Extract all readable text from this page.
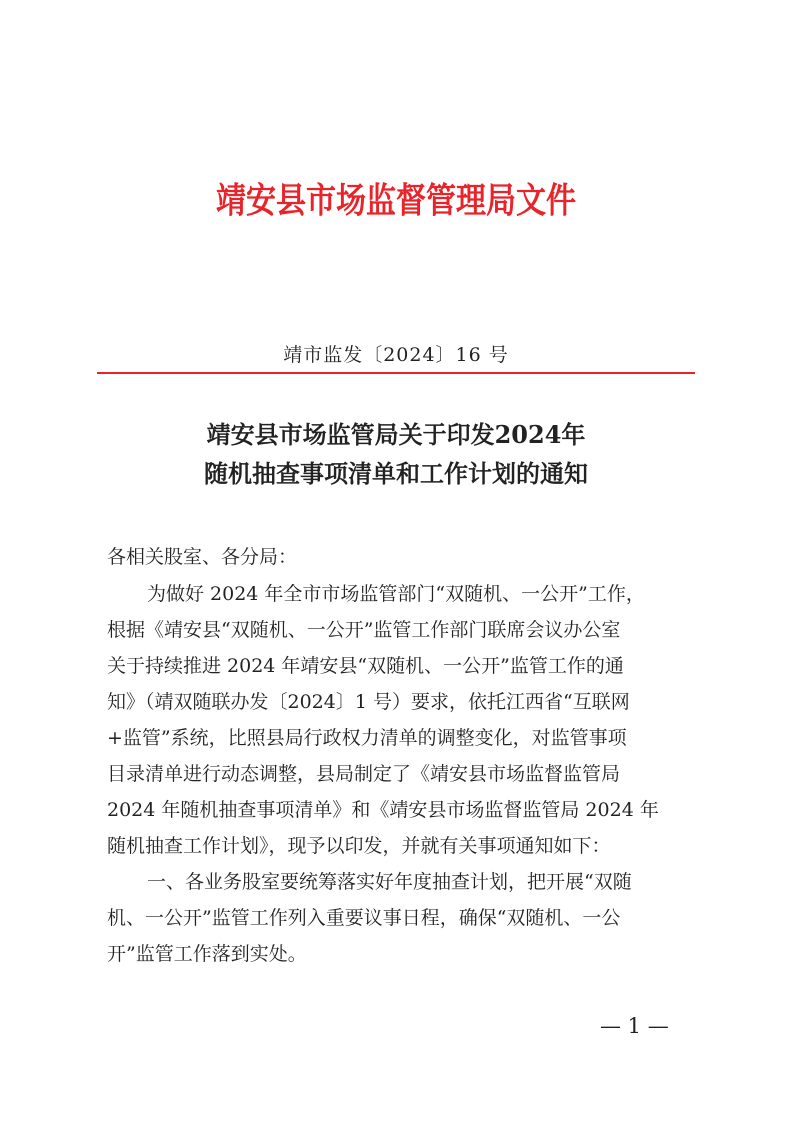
靖安县市场监督管理局文件
靖市监发〔2024〕16 号
靖安县市场监管局关于印发2024年
随机抽查事项清单和工作计划的通知
各相关股室、各分局：
为做好 2024 年全市市场监管部门“双随机、一公开”工作，
根据《靖安县“双随机、一公开”监管工作部门联席会议办公室
关于持续推进 2024 年靖安县“双随机、一公开”监管工作的通
知》（靖双随联办发〔2024〕1 号）要求，依托江西省“互联网
+监管”系统，比照县局行政权力清单的调整变化，对监管事项
目录清单进行动态调整，县局制定了《靖安县市场监督监管局
2024 年随机抽查事项清单》和《靖安县市场监督监管局 2024 年
随机抽查工作计划》，现予以印发，并就有关事项通知如下：
一、各业务股室要统筹落实好年度抽查计划，把开展“双随
机、一公开”监管工作列入重要议事日程，确保“双随机、一公
开”监管工作落到实处。
— 1 —
